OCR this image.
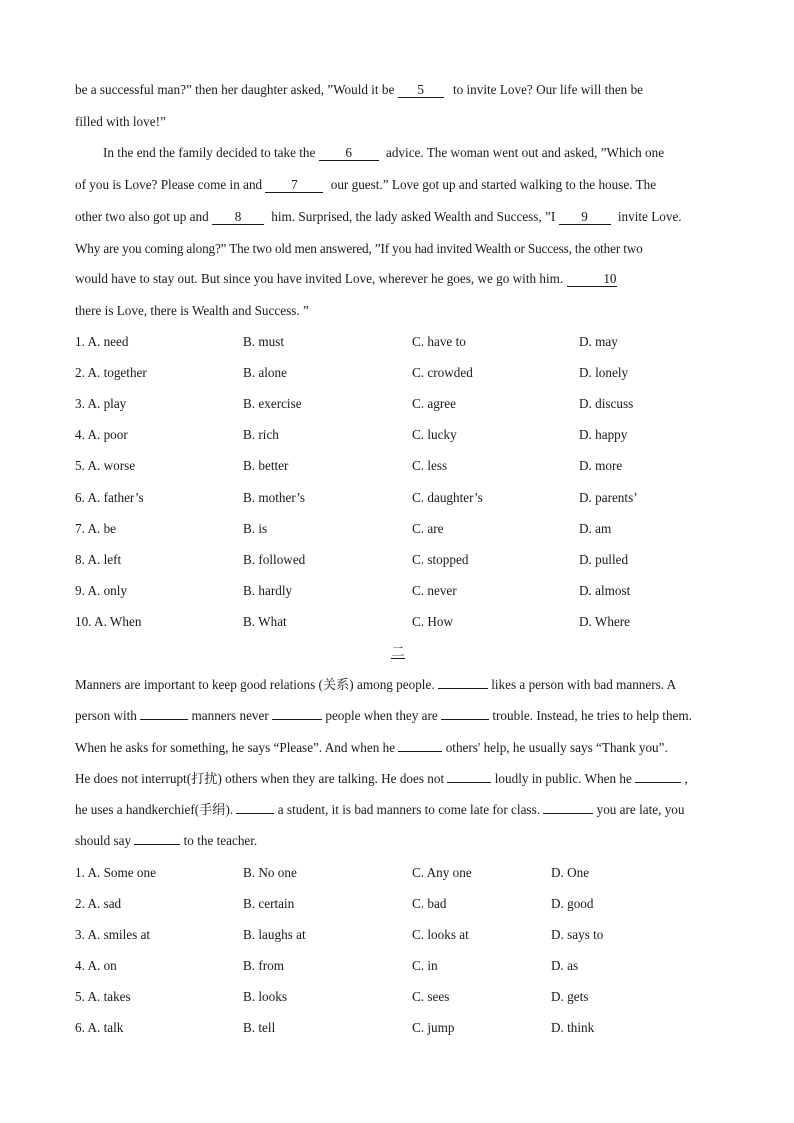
be a successful man?” then her daughter asked, ”Would it be 5 to invite Love? Our life will then be
filled with love!”
In the end the family decided to take the 6	advice. The woman went out and asked, ”Which one
of you is Love? Please come in and 7	our guest.” Love got up and started walking to the house. The
other two also got up and 8 him. Surprised, the lady asked Wealth and Success, ”I 9 invite Love.
Why are you coming along?” The two old men answered, ”If you had invited Wealth or Success, the other two
would have to stay out. But since you have invited Love, wherever he goes, we go with him.	10
there is Love, there is Wealth and Success. ”
1. A. need	B. must	C. have to	D. may
2. A. together	B. alone	C. crowded	D. lonely
3. A. play	B. exercise	C. agree	D. discuss
4. A. poor	B. rich	C. lucky	D. happy
5. A. worse	B. better	C. less	D. more
6. A. father’s	B. mother’s	C. daughter’s	D. parents’
7. A. be	B. is	C. are	D. am
8. A. left	B. followed	C. stopped	D. pulled
9. A. only	B. hardly	C. never	D. almost
10. A. When	B. What	C. How	D. Where
二
Manners are important to keep good relations (关系) among people.	likes a person with bad manners. A
person with	manners never	people when they are	trouble. Instead, he tries to help them.
When he asks for something, he says “Please”. And when he	others' help, he usually says “Thank you”.
He does not interrupt(打扰) others when they are talking. He does not	loudly in public. When he	,
he uses a handkerchief(手绢).	a student, it is bad manners to come late for class.	you are late, you
should say	to the teacher.
1. A. Some one	B. No one	C. Any one	D. One
2. A. sad	B. certain	C. bad	D. good
3. A. smiles at	B. laughs at	C. looks at	D. says to
4. A. on	B. from	C. in	D. as
5. A. takes	B. looks	C. sees	D. gets
6. A. talk	B. tell	C. jump	D. think
